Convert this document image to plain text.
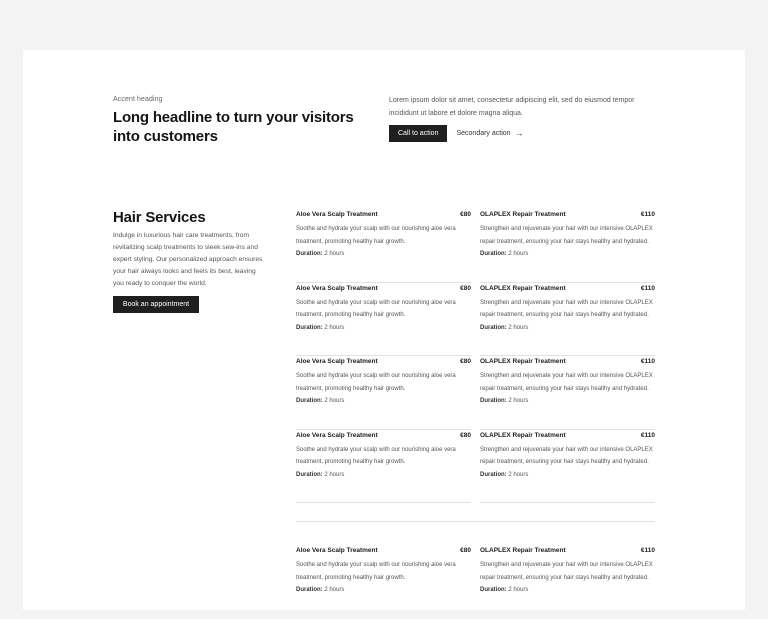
Accent heading
Long headline to turn your visitors into customers

Lorem ipsum dolor sit amet, consectetur adipiscing elit, sed do eiusmod tempor incididunt ut labore et dolore magna aliqua.

Call to action	Secondary action →
Hair Services

Indulge in luxurious hair care treatments, from revitalizing scalp treatments to sleek sew-ins and expert styling. Our personalized approach ensures your hair always looks and feels its best, leaving you ready to conquer the world.

Book an appointment
Aloe Vera Scalp Treatment	€80

Soothe and hydrate your scalp with our nourishing aloe vera treatment, promoting healthy hair growth.

Duration: 2 hours

OLAPLEX Repair Treatment	€110

Strengthen and rejuvenate your hair with our intensive OLAPLEX repair treatment, ensuring your hair stays healthy and hydrated.

Duration: 2 hours

Aloe Vera Scalp Treatment	€80

Soothe and hydrate your scalp with our nourishing aloe vera treatment, promoting healthy hair growth.

Duration: 2 hours

OLAPLEX Repair Treatment	€110

Strengthen and rejuvenate your hair with our intensive OLAPLEX repair treatment, ensuring your hair stays healthy and hydrated.

Duration: 2 hours

Aloe Vera Scalp Treatment	€80

Soothe and hydrate your scalp with our nourishing aloe vera treatment, promoting healthy hair growth.

Duration: 2 hours

OLAPLEX Repair Treatment	€110

Strengthen and rejuvenate your hair with our intensive OLAPLEX repair treatment, ensuring your hair stays healthy and hydrated.

Duration: 2 hours

Aloe Vera Scalp Treatment	€80

Soothe and hydrate your scalp with our nourishing aloe vera treatment, promoting healthy hair growth.

Duration: 2 hours

OLAPLEX Repair Treatment	€110

Strengthen and rejuvenate your hair with our intensive OLAPLEX repair treatment, ensuring your hair stays healthy and hydrated.

Duration: 2 hours

Aloe Vera Scalp Treatment	€80

Soothe and hydrate your scalp with our nourishing aloe vera treatment, promoting healthy hair growth.

Duration: 2 hours

OLAPLEX Repair Treatment	€110

Strengthen and rejuvenate your hair with our intensive OLAPLEX repair treatment, ensuring your hair stays healthy and hydrated.

Duration: 2 hours
